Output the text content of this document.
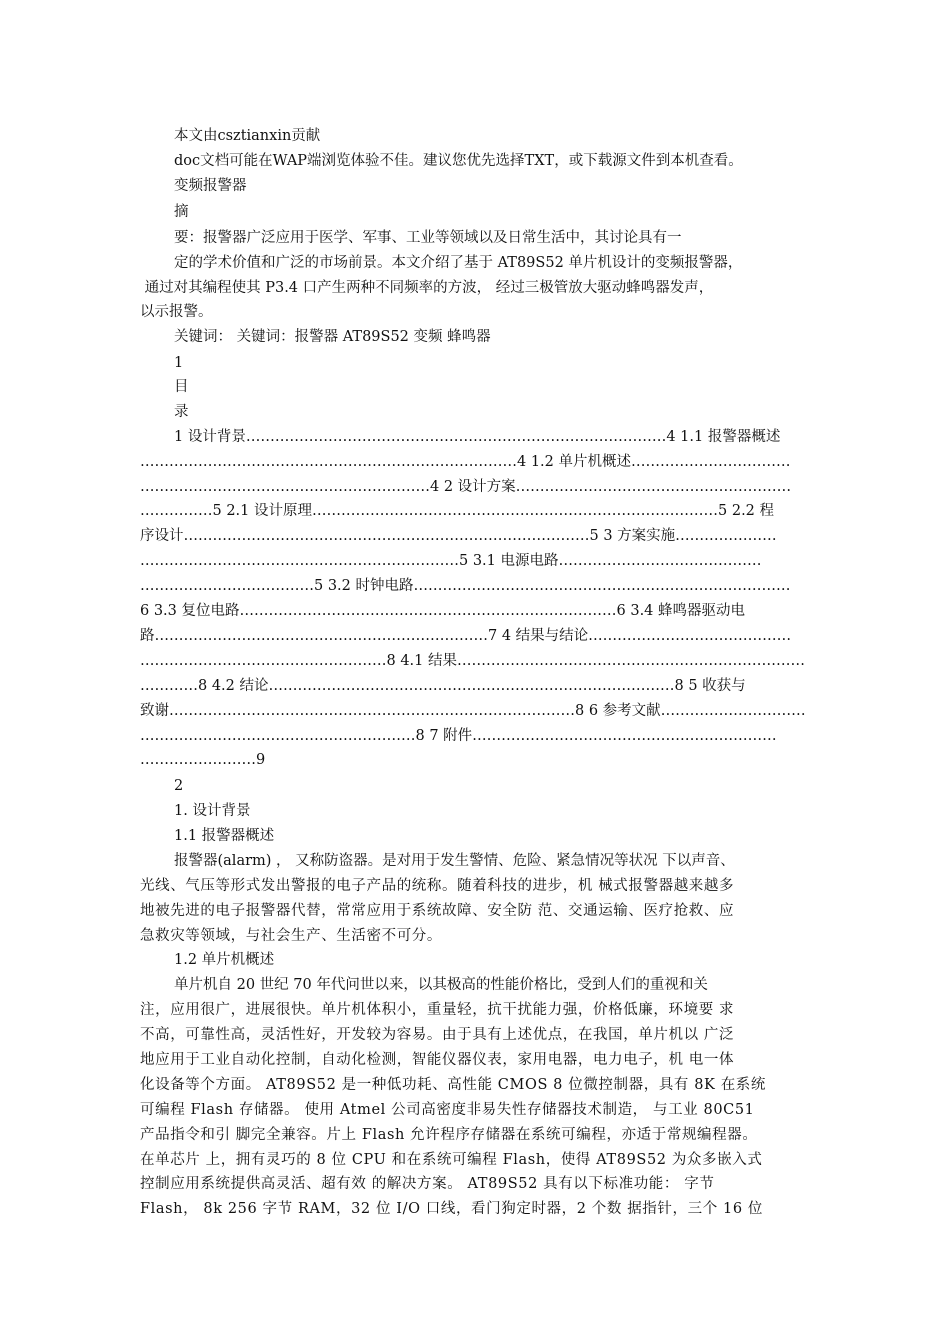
本文由csztianxin贡献
doc文档可能在WAP端浏览体验不佳。建议您优先选择TXT，或下载源文件到本机查看。
变频报警器
摘
要：报警器广泛应用于医学、军事、工业等领域以及日常生活中，其讨论具有一
定的学术价值和广泛的市场前景。本文介绍了基于 AT89S52 单片机设计的变频报警器，
通过对其编程使其 P3.4 口产生两种不同频率的方波， 经过三极管放大驱动蜂鸣器发声，
以示报警。
关键词： 关键词：报警器 AT89S52 变频 蜂鸣器
1
目
录
1 设计背景……………………………………………………………………………4 1.1 报警器概述
……………………………………………………………………4 1.2 单片机概述……………………………
……………………………………………………4 2 设计方案…………………………………………………
……………5 2.1 设计原理…………………………………………………………………………5 2.2 程
序设计…………………………………………………………………………5 3 方案实施…………………
…………………………………………………………5 3.1 电源电路……………………………………
………………………………5 3.2 时钟电路……………………………………………………………………
6 3.3 复位电路……………………………………………………………………6 3.4 蜂鸣器驱动电
路……………………………………………………………7 4 结果与结论……………………………………
……………………………………………8 4.1 结果………………………………………………………………
…………8 4.2 结论…………………………………………………………………………8 5 收获与
致谢…………………………………………………………………………8 6 参考文献…………………………
…………………………………………………8 7 附件………………………………………………………
……………………9
2
1. 设计背景
1.1 报警器概述
报警器(alarm) ， 又称防盗器。是对用于发生警情、危险、紧急情况等状况 下以声音、
光线、气压等形式发出警报的电子产品的统称。随着科技的进步，机 械式报警器越来越多
地被先进的电子报警器代替，常常应用于系统故障、安全防 范、交通运输、医疗抢救、应
急救灾等领域，与社会生产、生活密不可分。
1.2 单片机概述
单片机自 20 世纪 70 年代问世以来，以其极高的性能价格比，受到人们的重视和关
注，应用很广，进展很快。单片机体积小，重量轻，抗干扰能力强，价格低廉，环境要 求
不高，可靠性高，灵活性好，开发较为容易。由于具有上述优点，在我国，单片机以 广泛
地应用于工业自动化控制，自动化检测，智能仪器仪表，家用电器，电力电子，机 电一体
化设备等个方面。 AT89S52 是一种低功耗、高性能 CMOS 8 位微控制器，具有 8K 在系统
可编程 Flash 存储器。 使用 Atmel 公司高密度非易失性存储器技术制造， 与工业 80C51
产品指令和引 脚完全兼容。片上 Flash 允许程序存储器在系统可编程，亦适于常规编程器。
在单芯片 上，拥有灵巧的 8 位 CPU 和在系统可编程 Flash，使得 AT89S52 为众多嵌入式
控制应用系统提供高灵活、超有效 的解决方案。 AT89S52 具有以下标准功能： 字节
Flash， 8k 256 字节 RAM，32 位 I/O 口线，看门狗定时器，2 个数 据指针，三个 16 位
